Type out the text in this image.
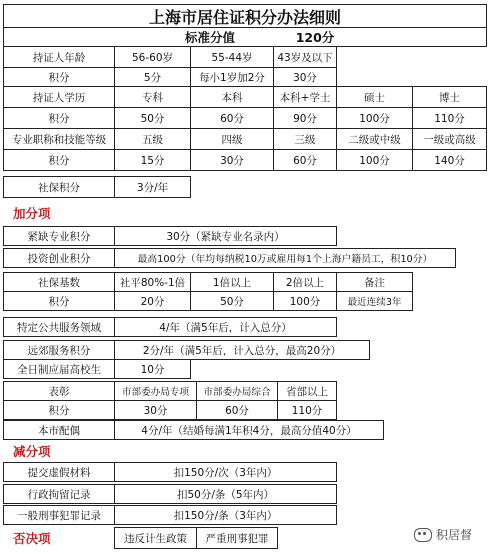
上海市居住证积分办法细则
标准分值	120分
持证人年龄	56-60岁	55-44岁	43岁及以下
积分	5分	每小1岁加2分	30分
持证人学历	专科	本科	本科+学士	硕士	博士
积分	50分	60分	90分	100分	110分
专业职称和技能等级	五级	四级	三级	二级或中级	一级或高级
积分	15分	30分	60分	100分	140分
社保积分	3分/年
加分项
紧缺专业积分	30分（紧缺专业名录内）
投资创业积分	最高100分（年均每纳税10万或雇用每1个上海户籍员工，积10分）
社保基数	社平80%-1倍	1倍以上	2倍以上	备注
积分	20分	50分	100分	最近连续3年
特定公共服务领域	4/年（满5年后，计入总分）
远郊服务积分	2分/年（满5年后，计入总分，最高20分）
全日制应届高校生	10分
表彰	市部委办局专项	市部委办局综合	省部以上
积分	30分	60分	110分
本市配偶	4分/年（结婚每满1年积4分，最高分值40分）
减分项
提交虚假材料	扣150分/次（3年内）
行政拘留记录	扣50分/条（5年内）
一般刑事犯罪记录	扣150分/条（3年内）
否决项	违反计生政策	严重刑事犯罪	积居督
